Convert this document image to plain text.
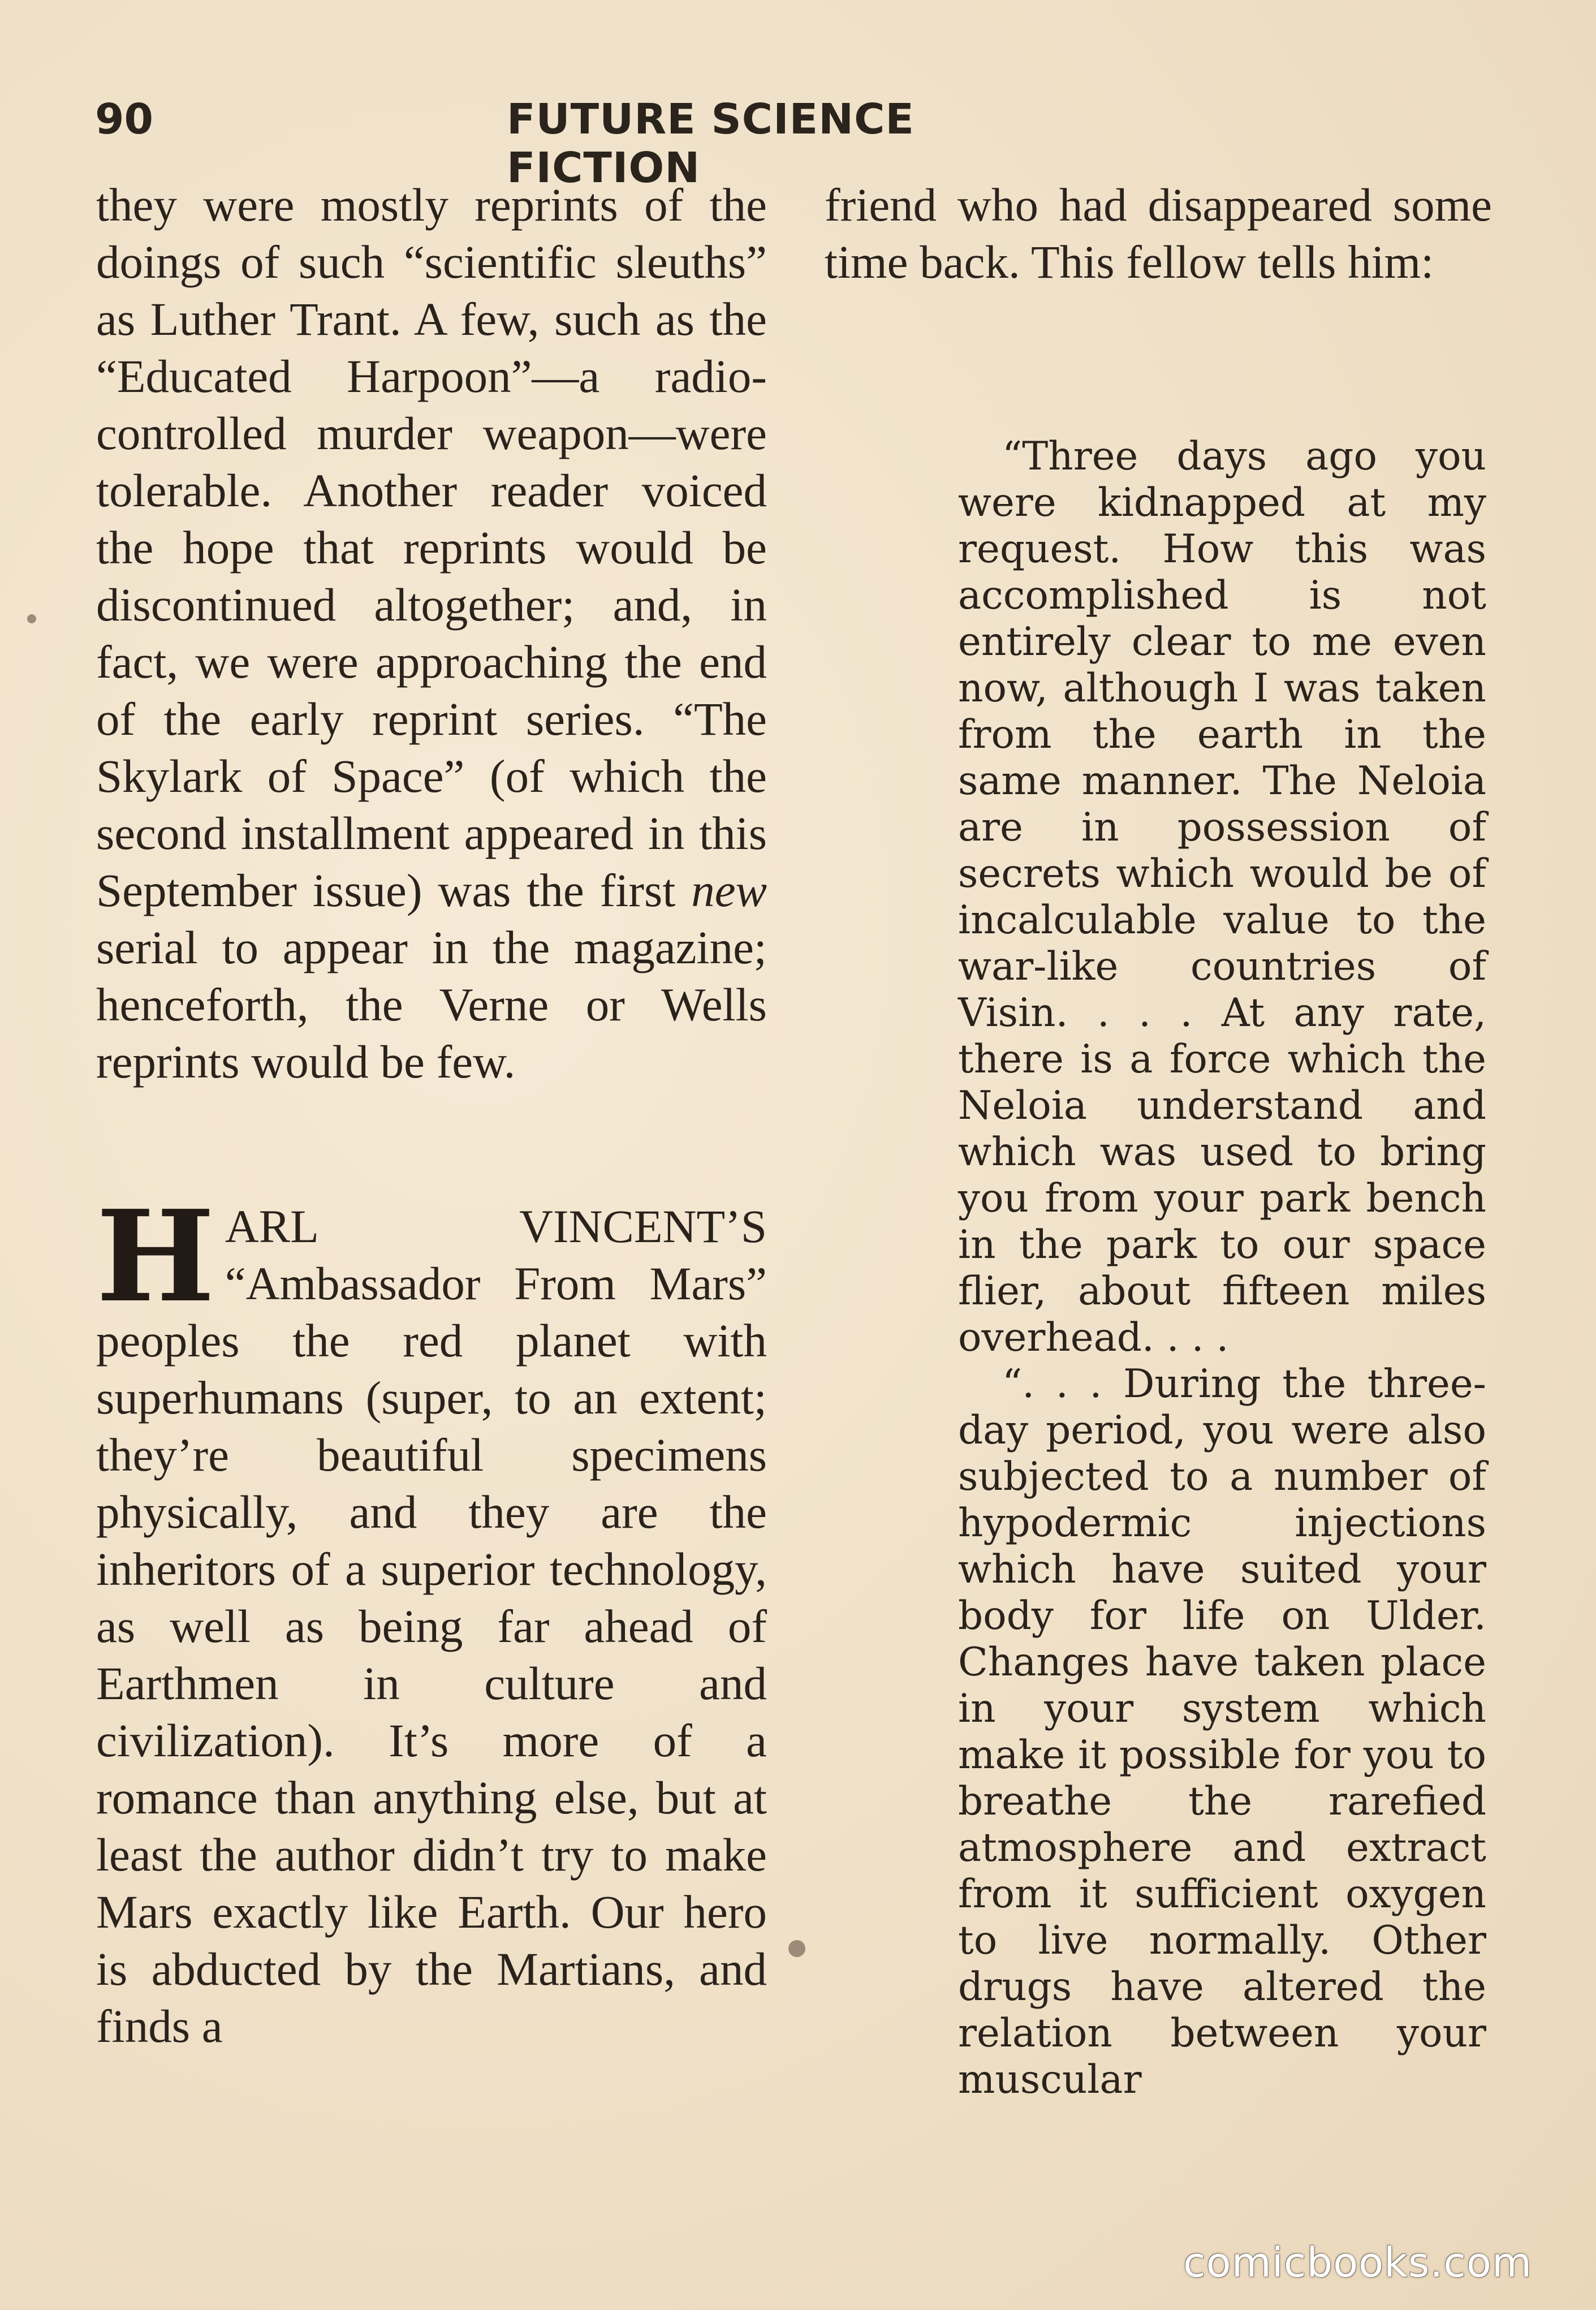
90	FUTURE SCIENCE FICTION

they were mostly reprints of the doings of such “scientific sleuths” as Luther Trant. A few, such as the “Educated Harpoon”—a radio-controlled murder weapon—were tolerable. Another reader voiced the hope that reprints would be discontinued altogether; and, in fact, we were approaching the end of the early reprint series. “The Skylark of Space” (of which the second installment appeared in this September issue) was the first new serial to appear in the magazine; henceforth, the Verne or Wells reprints would be few.

HARL VINCENT’S “Ambassador From Mars” peoples the red planet with superhumans (super, to an extent; they’re beautiful specimens physically, and they are the inheritors of a superior technology, as well as being far ahead of Earthmen in culture and civilization). It’s more of a romance than anything else, but at least the author didn’t try to make Mars exactly like Earth. Our hero is abducted by the Martians, and finds a

friend who had disappeared some time back. This fellow tells him:

“Three days ago you were kidnapped at my request. How this was accomplished is not entirely clear to me even now, although I was taken from the earth in the same manner. The Neloia are in possession of secrets which would be of incalculable value to the war-like countries of Visin. . . . At any rate, there is a force which the Neloia understand and which was used to bring you from your park bench in the park to our space flier, about fifteen miles overhead. . . .

“. . . During the three-day period, you were also subjected to a number of hypodermic injections which have suited your body for life on Ulder. Changes have taken place in your system which make it possible for you to breathe the rarefied atmosphere and extract from it sufficient oxygen to live normally. Other drugs have altered the relation between your muscular

comicbooks.com
